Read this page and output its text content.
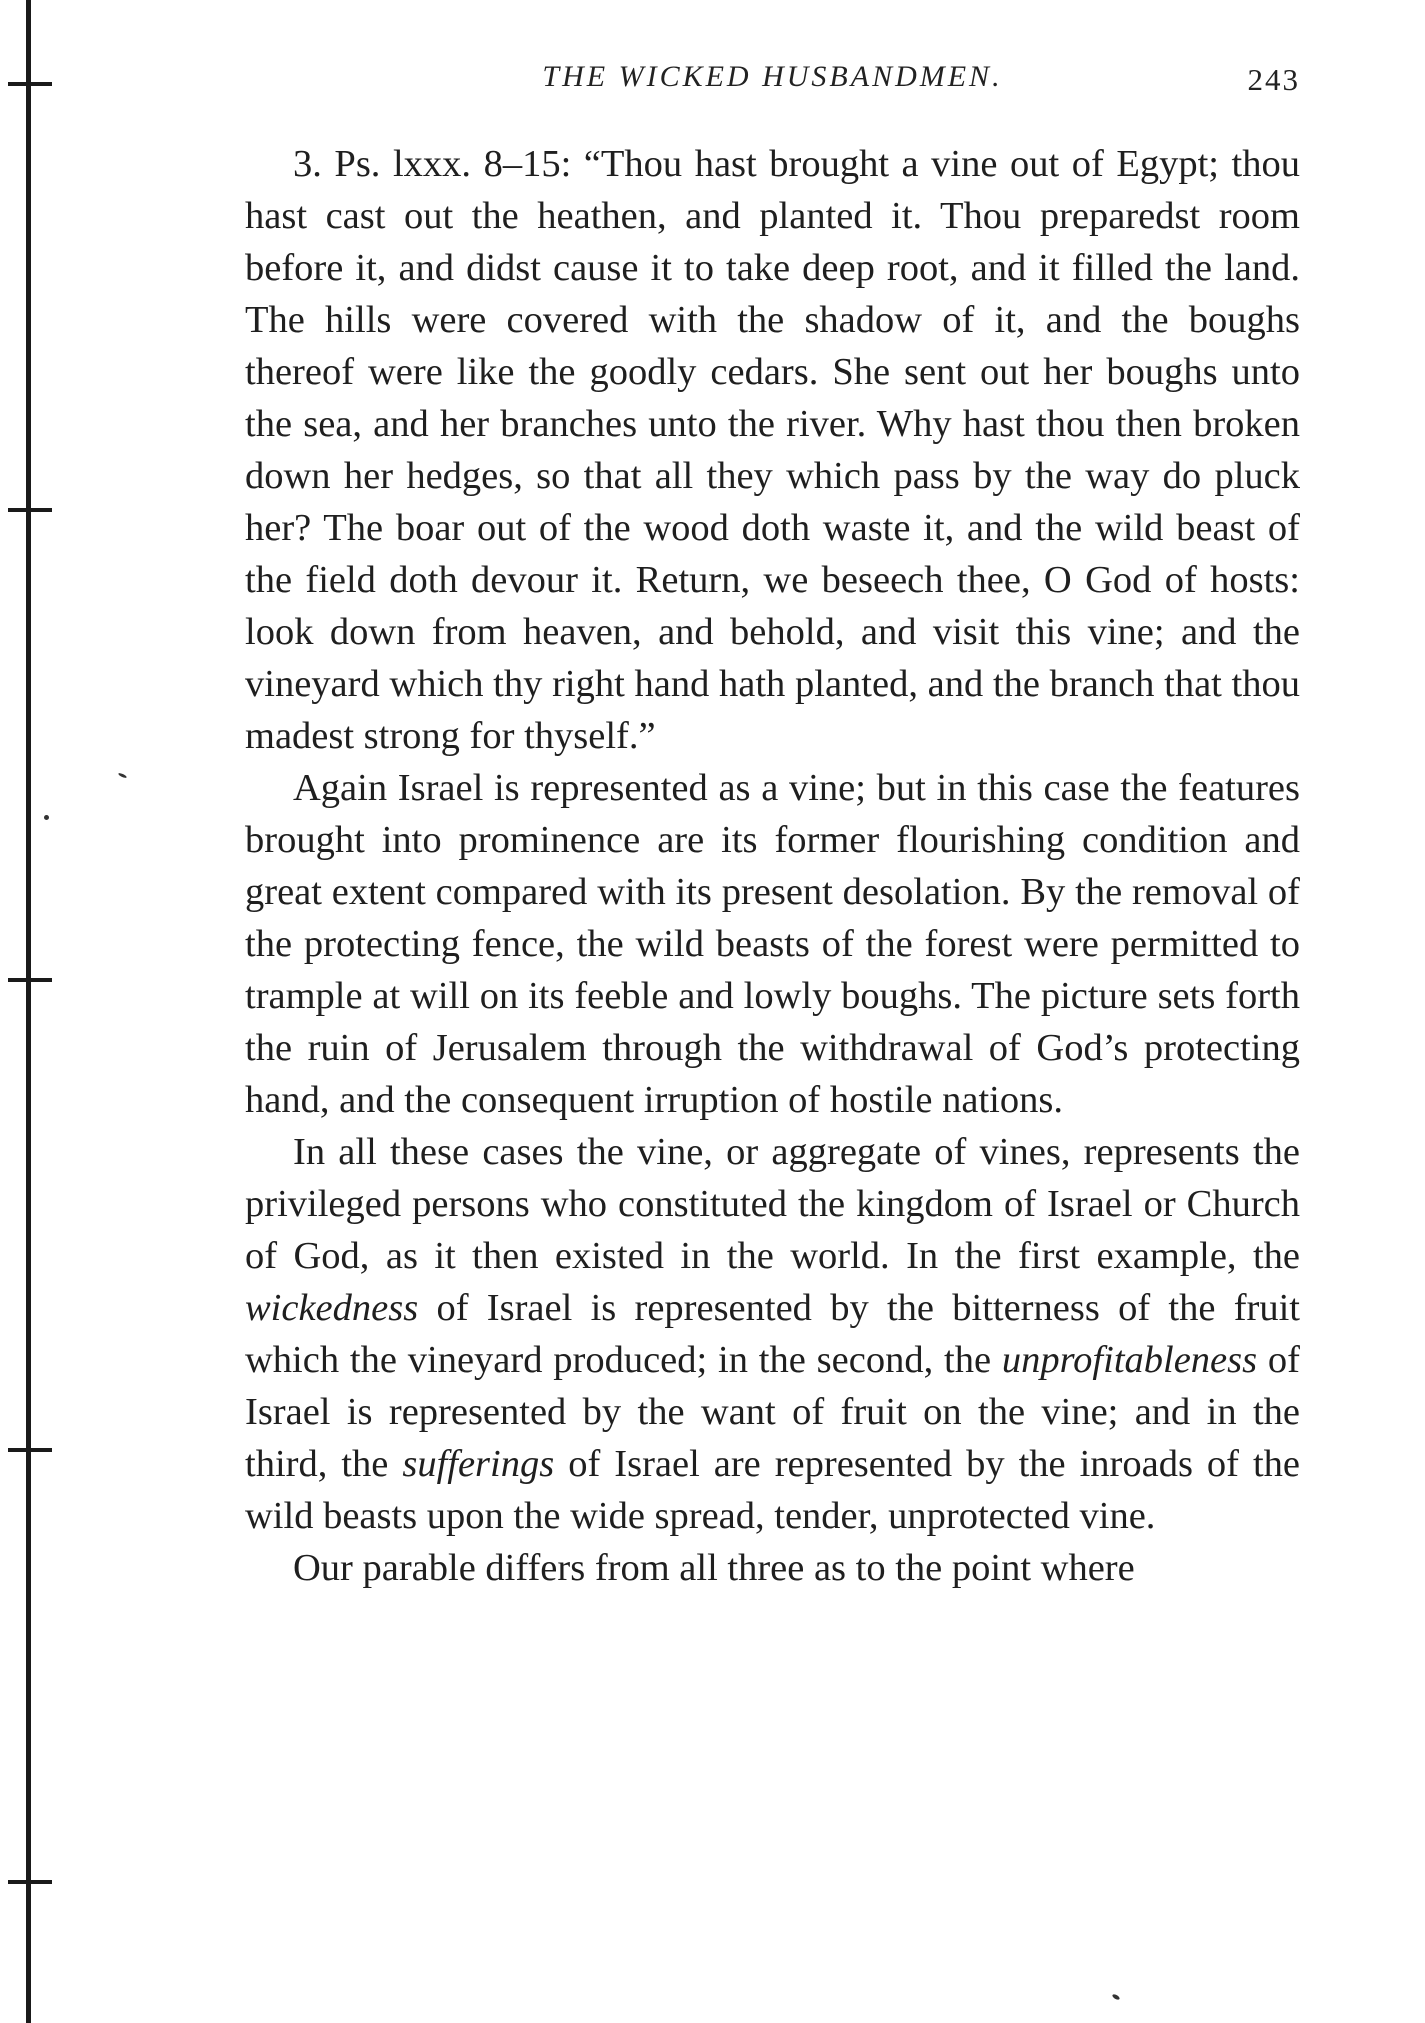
THE WICKED HUSBANDMEN.	243

3. Ps. lxxx. 8–15: “Thou hast brought a vine out of Egypt; thou hast cast out the heathen, and planted it. Thou preparedst room before it, and didst cause it to take deep root, and it filled the land. The hills were covered with the shadow of it, and the boughs thereof were like the goodly cedars. She sent out her boughs unto the sea, and her branches unto the river. Why hast thou then broken down her hedges, so that all they which pass by the way do pluck her? The boar out of the wood doth waste it, and the wild beast of the field doth devour it. Return, we beseech thee, O God of hosts: look down from heaven, and behold, and visit this vine; and the vineyard which thy right hand hath planted, and the branch that thou madest strong for thyself.”

Again Israel is represented as a vine; but in this case the features brought into prominence are its former flourishing condition and great extent compared with its present desolation. By the removal of the protecting fence, the wild beasts of the forest were permitted to trample at will on its feeble and lowly boughs. The picture sets forth the ruin of Jerusalem through the withdrawal of God’s protecting hand, and the consequent irruption of hostile nations.

In all these cases the vine, or aggregate of vines, represents the privileged persons who constituted the kingdom of Israel or Church of God, as it then existed in the world. In the first example, the wickedness of Israel is represented by the bitterness of the fruit which the vineyard produced; in the second, the unprofitableness of Israel is represented by the want of fruit on the vine; and in the third, the sufferings of Israel are represented by the inroads of the wild beasts upon the wide spread, tender, unprotected vine.

Our parable differs from all three as to the point where
